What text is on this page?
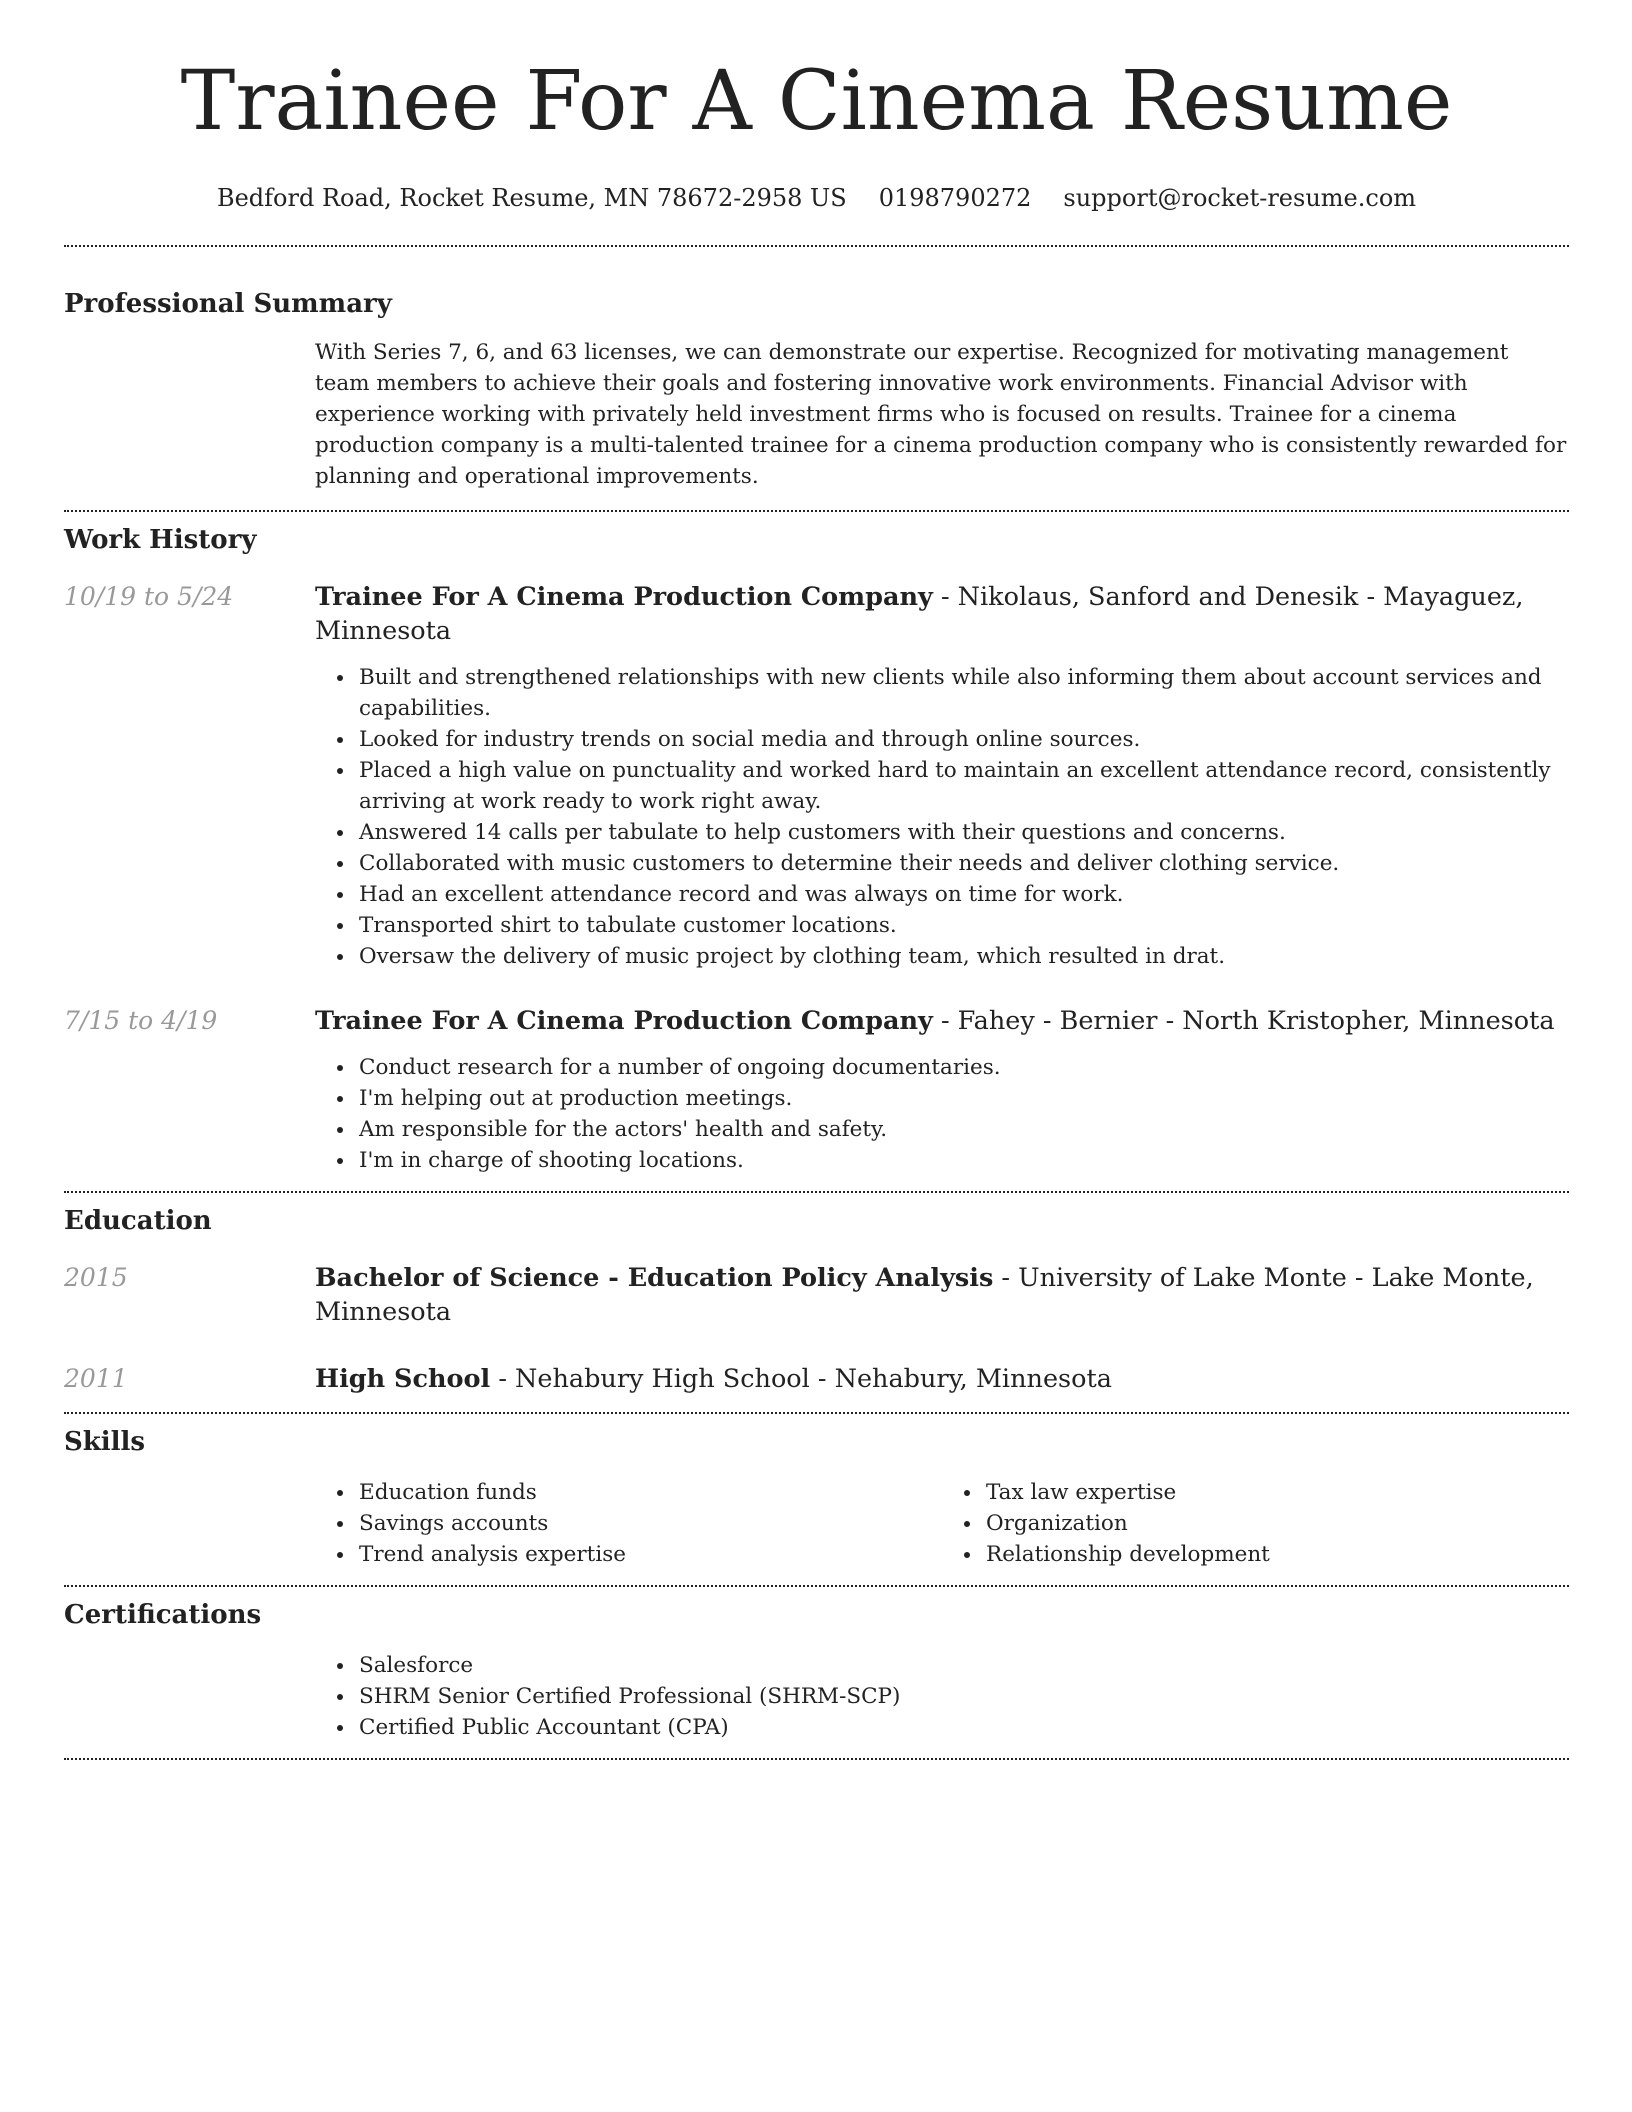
Trainee For A Cinema Resume
Bedford Road, Rocket Resume, MN 78672-2958 US 0198790272 support@rocket-resume.com
Professional Summary

With Series 7, 6, and 63 licenses, we can demonstrate our expertise. Recognized for motivating management team members to achieve their goals and fostering innovative work environments. Financial Advisor with experience working with privately held investment firms who is focused on results. Trainee for a cinema production company is a multi-talented trainee for a cinema production company who is consistently rewarded for planning and operational improvements.

Work History
10/19 to 5/24	Trainee For A Cinema Production Company - Nikolaus, Sanford and Denesik - Mayaguez, Minnesota
Built and strengthened relationships with new clients while also informing them about account services and capabilities.
Looked for industry trends on social media and through online sources.
Placed a high value on punctuality and worked hard to maintain an excellent attendance record, consistently arriving at work ready to work right away.
Answered 14 calls per tabulate to help customers with their questions and concerns.
Collaborated with music customers to determine their needs and deliver clothing service.
Had an excellent attendance record and was always on time for work.
Transported shirt to tabulate customer locations.
Oversaw the delivery of music project by clothing team, which resulted in drat.
7/15 to 4/19	Trainee For A Cinema Production Company - Fahey - Bernier - North Kristopher, Minnesota
Conduct research for a number of ongoing documentaries.
I'm helping out at production meetings.
Am responsible for the actors' health and safety.
I'm in charge of shooting locations.
Education
2015	Bachelor of Science - Education Policy Analysis - University of Lake Monte - Lake Monte, Minnesota
2011	High School - Nehabury High School - Nehabury, Minnesota
Skills
Education funds
Savings accounts
Trend analysis expertise
Tax law expertise
Organization
Relationship development
Certifications
Salesforce
SHRM Senior Certified Professional (SHRM-SCP)
Certified Public Accountant (CPA)
